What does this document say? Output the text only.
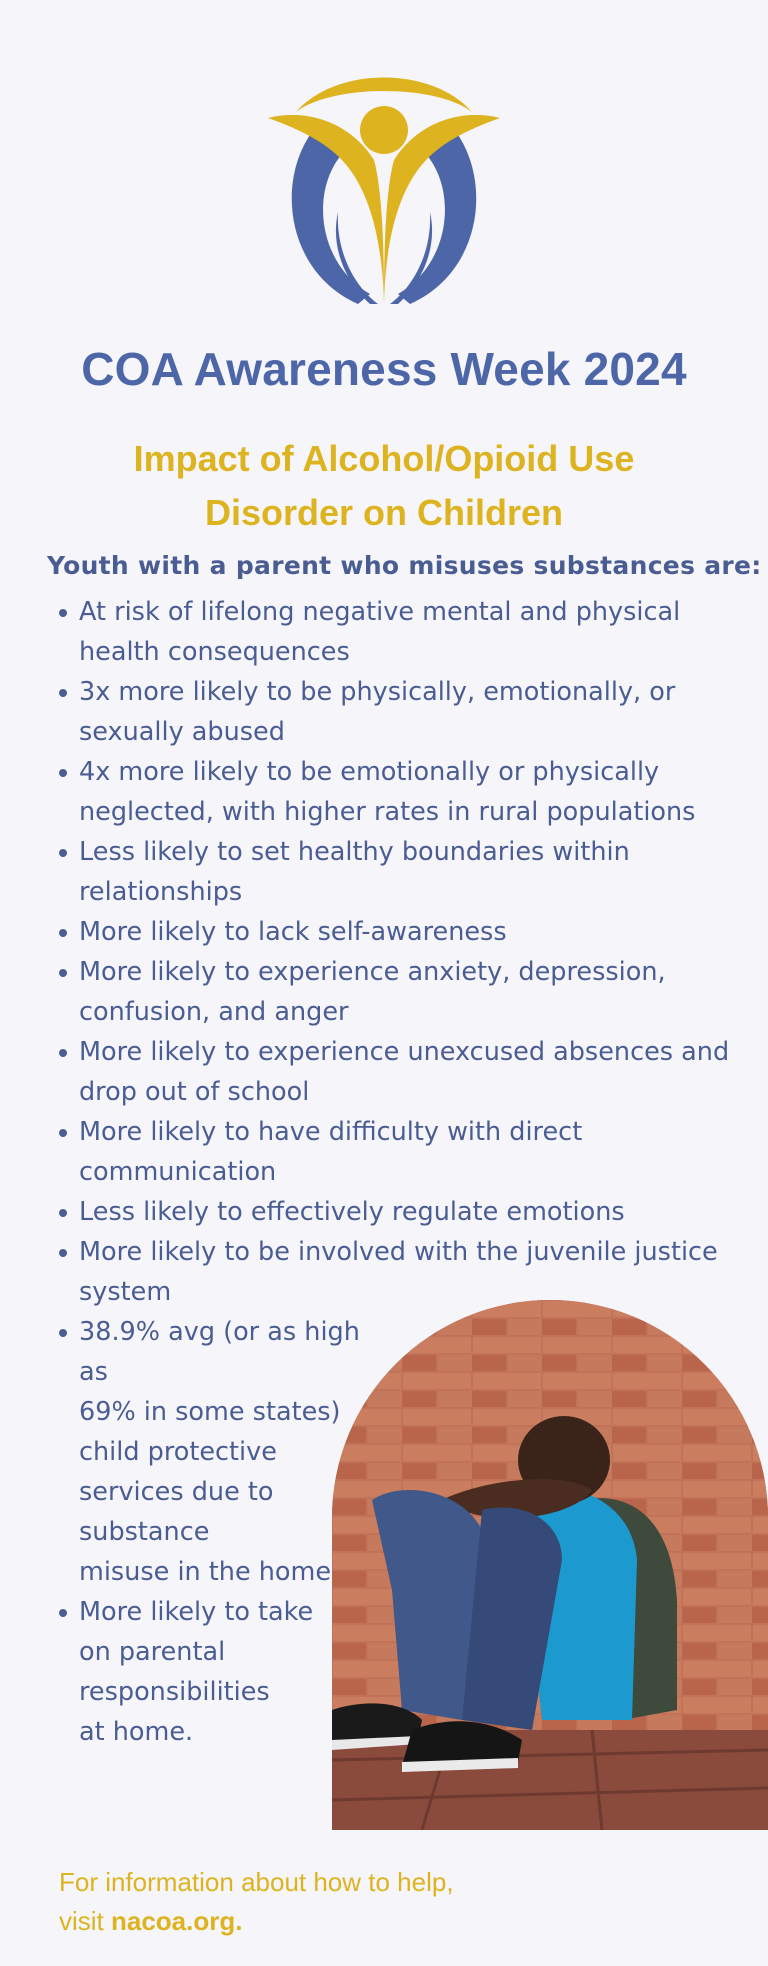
COA Awareness Week 2024
Impact of Alcohol/Opioid Use
Disorder on Children
Youth with a parent who misuses substances are:
At risk of lifelong negative mental and physical
health consequences
3x more likely to be physically, emotionally, or
sexually abused
4x more likely to be emotionally or physically
neglected, with higher rates in rural populations
Less likely to set healthy boundaries within
relationships
More likely to lack self-awareness
More likely to experience anxiety, depression,
confusion, and anger
More likely to experience unexcused absences and
drop out of school
More likely to have difficulty with direct
communication
Less likely to effectively regulate emotions
More likely to be involved with the juvenile justice
system
38.9% avg (or as high as
69% in some states)
child protective
services due to
substance
misuse in the home
More likely to take
on parental
responsibilities
at home.
For information about how to help,
visit nacoa.org.
